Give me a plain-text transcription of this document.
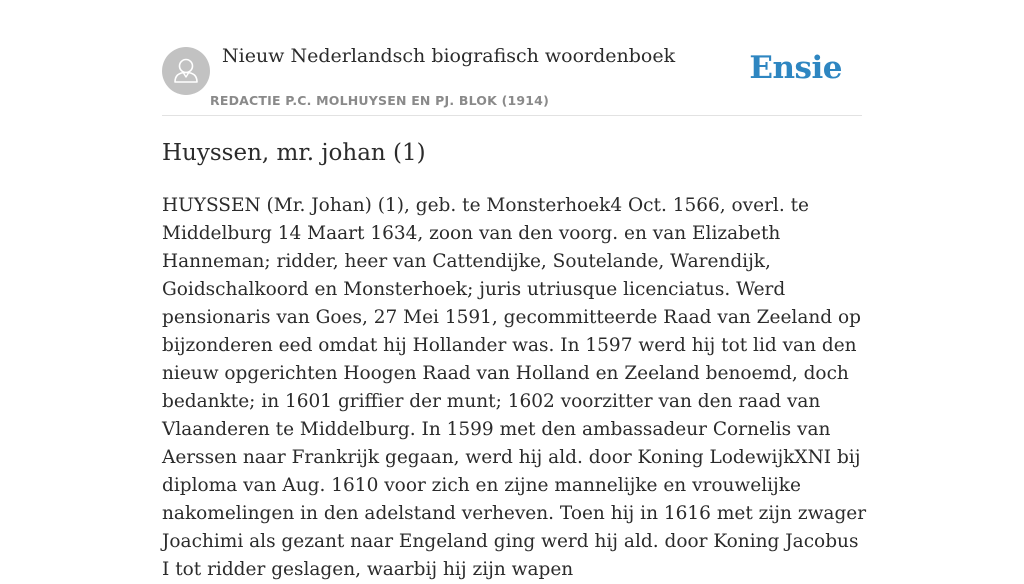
Nieuw Nederlandsch biografisch woordenboek
REDACTIE P.C. MOLHUYSEN EN PJ. BLOK (1914)
Ensie
Huyssen, mr. johan (1)

HUYSSEN (Mr. Johan) (1), geb. te Monsterhoek4 Oct. 1566, overl. te Middelburg 14 Maart 1634, zoon van den voorg. en van Elizabeth Hanneman; ridder, heer van Cattendijke, Soutelande, Warendijk, Goidschalkoord en Monsterhoek; juris utriusque licenciatus. Werd pensionaris van Goes, 27 Mei 1591, gecommitteerde Raad van Zeeland op bijzonderen eed omdat hij Hollander was. In 1597 werd hij tot lid van den nieuw opgerichten Hoogen Raad van Holland en Zeeland benoemd, doch bedankte; in 1601 griffier der munt; 1602 voorzitter van den raad van Vlaanderen te Middelburg. In 1599 met den ambassadeur Cornelis van Aerssen naar Frankrijk gegaan, werd hij ald. door Koning LodewijkXNI bij diploma van Aug. 1610 voor zich en zijne mannelijke en vrouwelijke nakomelingen in den adelstand verheven. Toen hij in 1616 met zijn zwager Joachimi als gezant naar Engeland ging werd hij ald. door Koning Jacobus I tot ridder geslagen, waarbij hij zijn wapen
